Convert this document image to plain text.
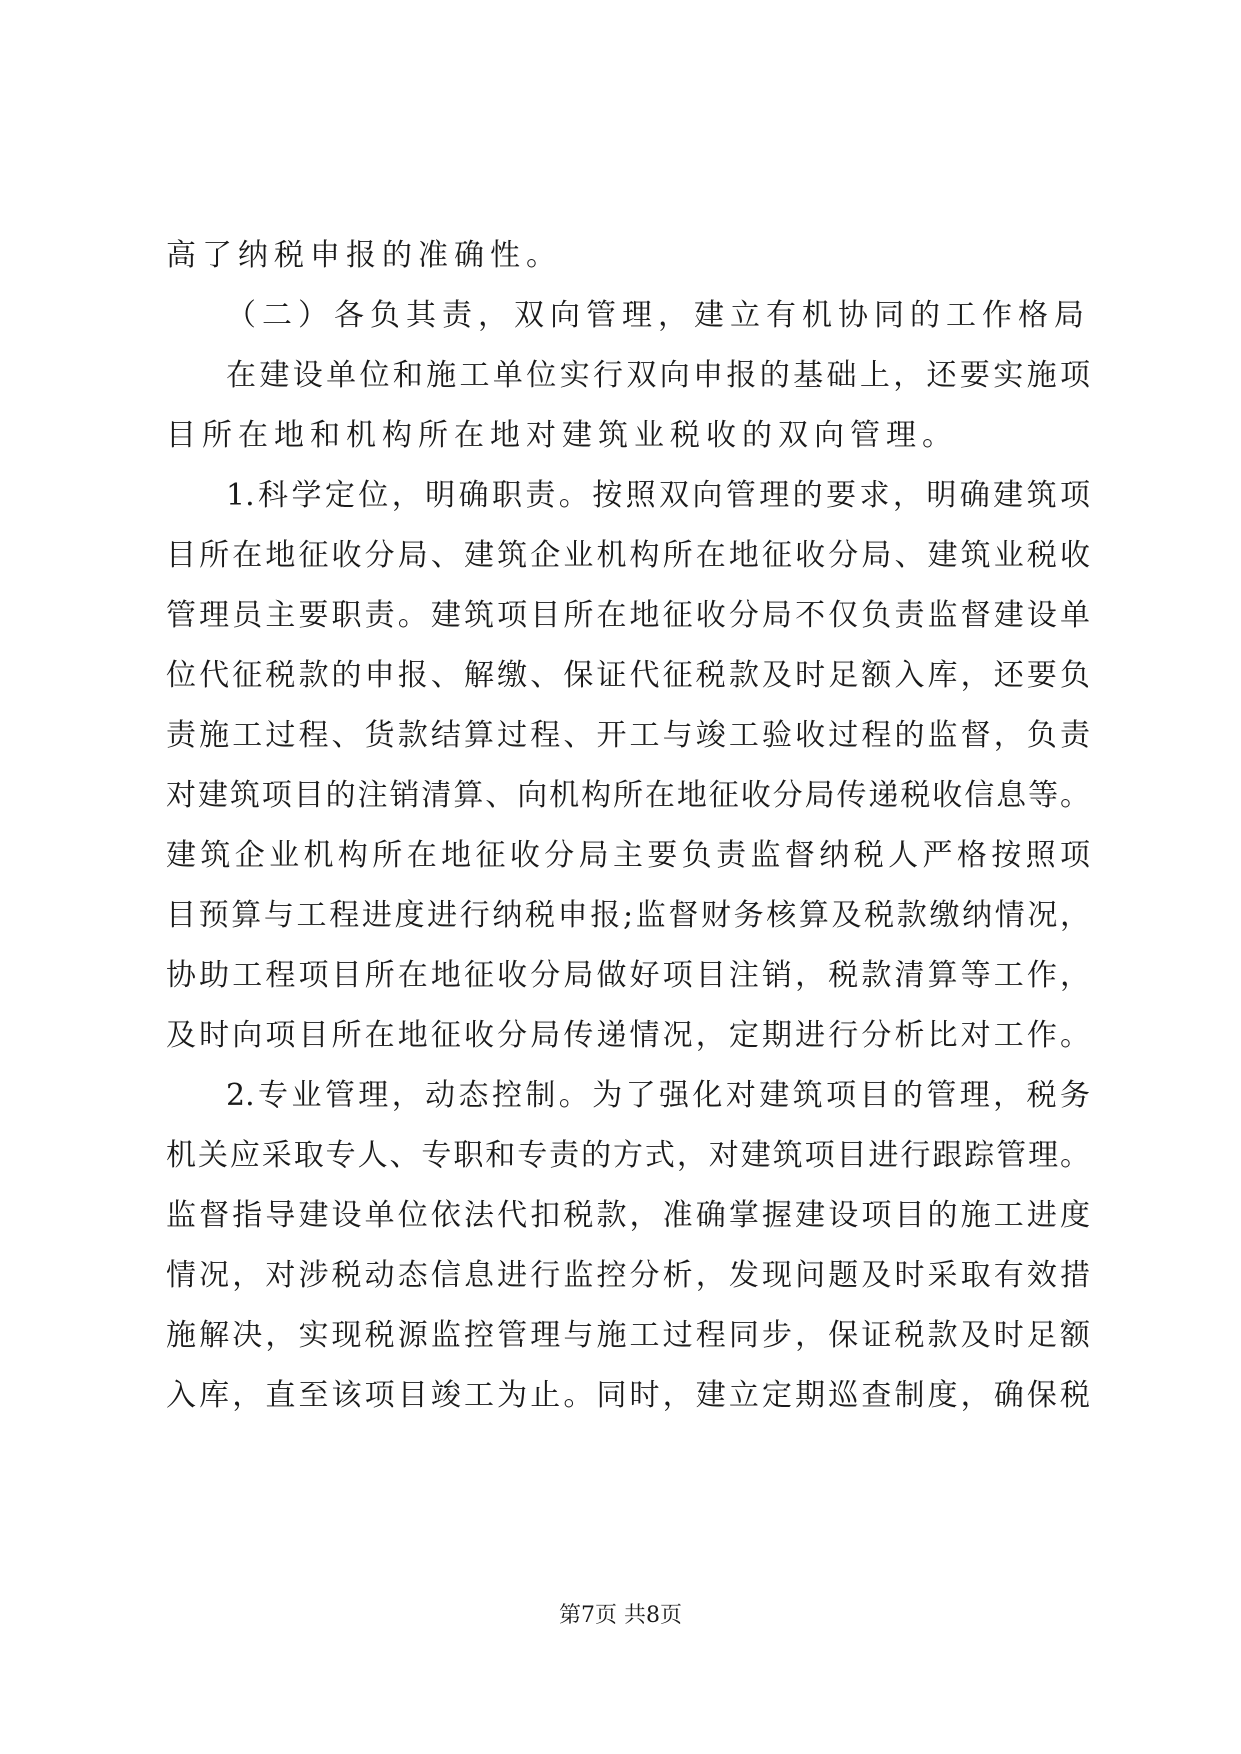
高了纳税申报的准确性。
（二）各负其责，双向管理，建立有机协同的工作格局
在建设单位和施工单位实行双向申报的基础上，还要实施项
目所在地和机构所在地对建筑业税收的双向管理。
1.科学定位，明确职责。按照双向管理的要求，明确建筑项
目所在地征收分局、建筑企业机构所在地征收分局、建筑业税收
管理员主要职责。建筑项目所在地征收分局不仅负责监督建设单
位代征税款的申报、解缴、保证代征税款及时足额入库，还要负
责施工过程、货款结算过程、开工与竣工验收过程的监督，负责
对建筑项目的注销清算、向机构所在地征收分局传递税收信息等。
建筑企业机构所在地征收分局主要负责监督纳税人严格按照项
目预算与工程进度进行纳税申报;监督财务核算及税款缴纳情况，
协助工程项目所在地征收分局做好项目注销，税款清算等工作，
及时向项目所在地征收分局传递情况，定期进行分析比对工作。
2.专业管理，动态控制。为了强化对建筑项目的管理，税务
机关应采取专人、专职和专责的方式，对建筑项目进行跟踪管理。
监督指导建设单位依法代扣税款，准确掌握建设项目的施工进度
情况，对涉税动态信息进行监控分析，发现问题及时采取有效措
施解决，实现税源监控管理与施工过程同步，保证税款及时足额
入库，直至该项目竣工为止。同时，建立定期巡查制度，确保税
第7页 共8页
